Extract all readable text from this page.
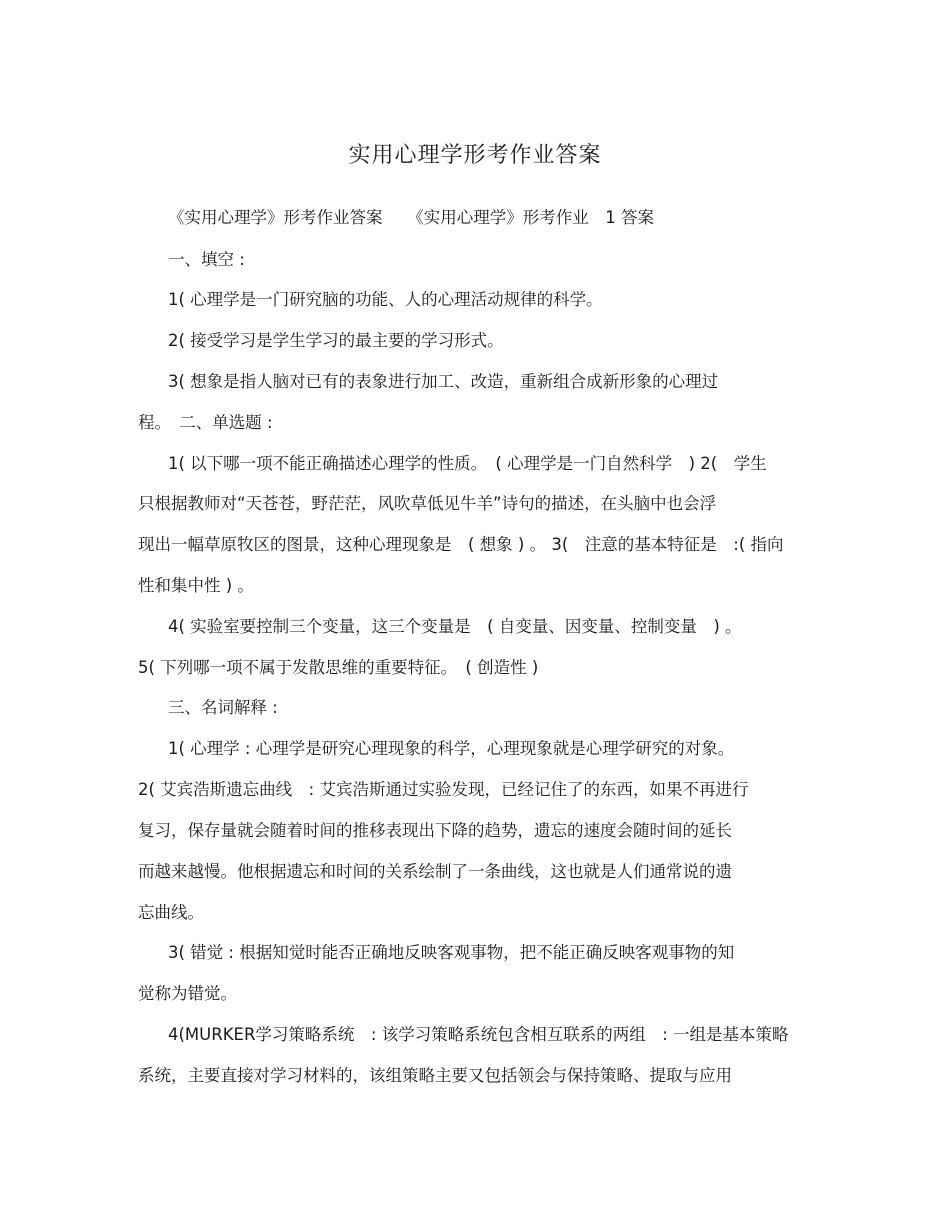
实用心理学形考作业答案
《实用心理学》形考作业答案　　《实用心理学》形考作业　1 答案
一、填空 :
1( 心理学是一门研究脑的功能、人的心理活动规律的科学。
2( 接受学习是学生学习的最主要的学习形式。
3( 想象是指人脑对已有的表象进行加工、改造，重新组合成新形象的心理过
程。　二、单选题 :
1( 以下哪一项不能正确描述心理学的性质。　( 心理学是一门自然科学　) 2(　学生
只根据教师对“天苍苍，野茫茫，风吹草低见牛羊”诗句的描述，在头脑中也会浮
现出一幅草原牧区的图景，这种心理现象是　( 想象 ) 。 3(　注意的基本特征是　:( 指向
性和集中性 ) 。
4( 实验室要控制三个变量，这三个变量是　( 自变量、因变量、控制变量　) 。
5( 下列哪一项不属于发散思维的重要特征。　( 创造性 )
三、名词解释 :
1( 心理学 : 心理学是研究心理现象的科学，心理现象就是心理学研究的对象。
2( 艾宾浩斯遗忘曲线　: 艾宾浩斯通过实验发现，已经记住了的东西，如果不再进行
复习，保存量就会随着时间的推移表现出下降的趋势，遗忘的速度会随时间的延长
而越来越慢。他根据遗忘和时间的关系绘制了一条曲线，这也就是人们通常说的遗
忘曲线。
3( 错觉 : 根据知觉时能否正确地反映客观事物，把不能正确反映客观事物的知
觉称为错觉。
4(MURKER学习策略系统　: 该学习策略系统包含相互联系的两组　: 一组是基本策略
系统，主要直接对学习材料的，该组策略主要又包括领会与保持策略、提取与应用
